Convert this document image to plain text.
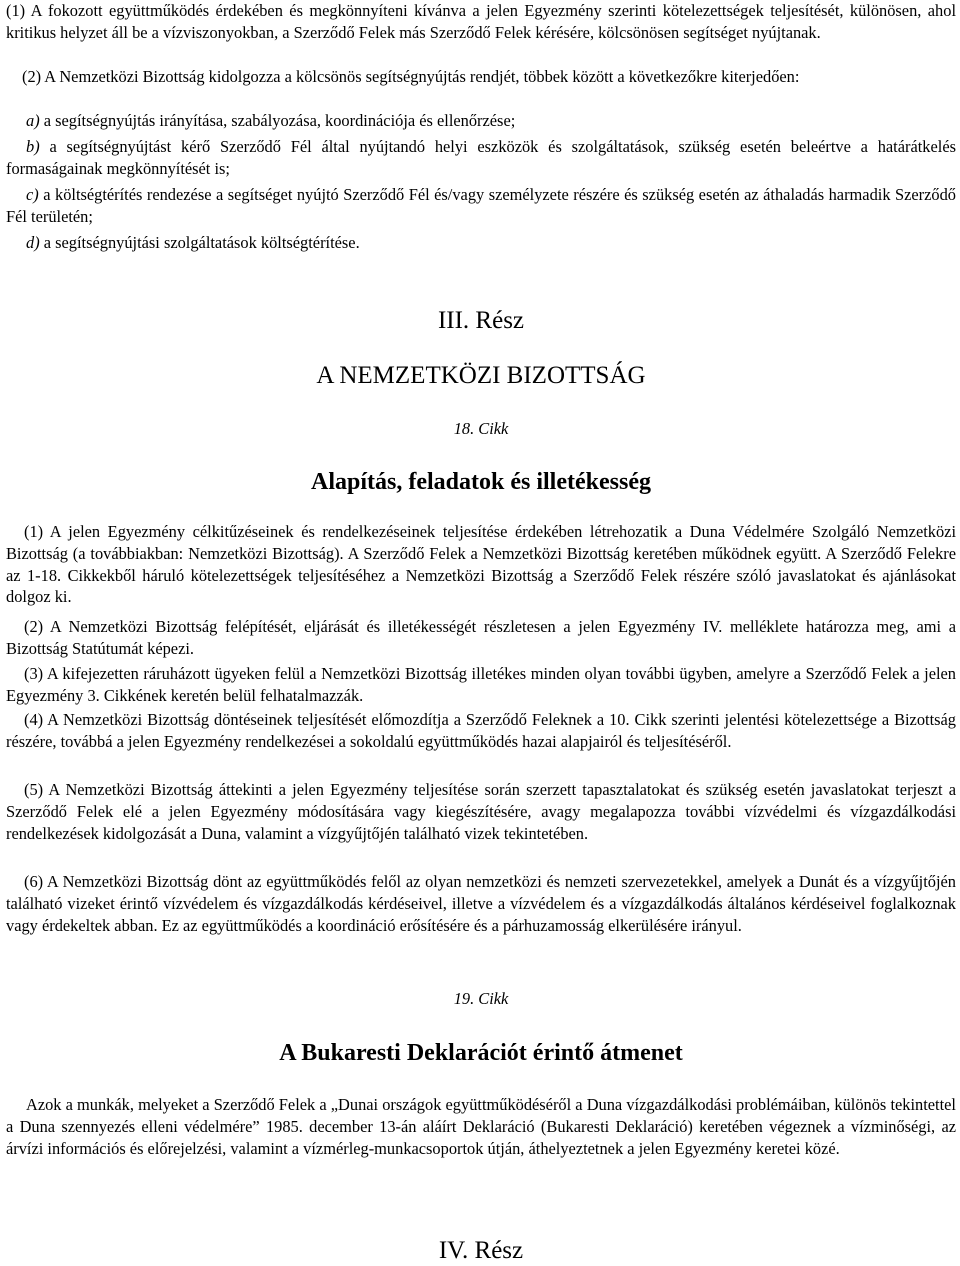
(1) A fokozott együttműködés érdekében és megkönnyíteni kívánva a jelen Egyezmény szerinti kötelezettségek teljesítését, különösen, ahol kritikus helyzet áll be a vízviszonyokban, a Szerződő Felek más Szerződő Felek kérésére, kölcsönösen segítséget nyújtanak.

(2) A Nemzetközi Bizottság kidolgozza a kölcsönös segítségnyújtás rendjét, többek között a következőkre kiterjedően:

a) a segítségnyújtás irányítása, szabályozása, koordinációja és ellenőrzése;

b) a segítségnyújtást kérő Szerződő Fél által nyújtandó helyi eszközök és szolgáltatások, szükség esetén beleértve a határátkelés formaságainak megkönnyítését is;

c) a költségtérítés rendezése a segítséget nyújtó Szerződő Fél és/vagy személyzete részére és szükség esetén az áthaladás harmadik Szerződő Fél területén;

d) a segítségnyújtási szolgáltatások költségtérítése.

III. Rész
A NEMZETKÖZI BIZOTTSÁG
18. Cikk
Alapítás, feladatok és illetékesség

(1) A jelen Egyezmény célkitűzéseinek és rendelkezéseinek teljesítése érdekében létrehozatik a Duna Védelmére Szolgáló Nemzetközi Bizottság (a továbbiakban: Nemzetközi Bizottság). A Szerződő Felek a Nemzetközi Bizottság keretében működnek együtt. A Szerződő Felekre az 1-18. Cikkekből háruló kötelezettségek teljesítéséhez a Nemzetközi Bizottság a Szerződő Felek részére szóló javaslatokat és ajánlásokat dolgoz ki.

(2) A Nemzetközi Bizottság felépítését, eljárását és illetékességét részletesen a jelen Egyezmény IV. melléklete határozza meg, ami a Bizottság Statútumát képezi.

(3) A kifejezetten ráruházott ügyeken felül a Nemzetközi Bizottság illetékes minden olyan további ügyben, amelyre a Szerződő Felek a jelen Egyezmény 3. Cikkének keretén belül felhatalmazzák.

(4) A Nemzetközi Bizottság döntéseinek teljesítését előmozdítja a Szerződő Feleknek a 10. Cikk szerinti jelentési kötelezettsége a Bizottság részére, továbbá a jelen Egyezmény rendelkezései a sokoldalú együttműködés hazai alapjairól és teljesítéséről.

(5) A Nemzetközi Bizottság áttekinti a jelen Egyezmény teljesítése során szerzett tapasztalatokat és szükség esetén javaslatokat terjeszt a Szerződő Felek elé a jelen Egyezmény módosítására vagy kiegészítésére, avagy megalapozza további vízvédelmi és vízgazdálkodási rendelkezések kidolgozását a Duna, valamint a vízgyűjtőjén található vizek tekintetében.

(6) A Nemzetközi Bizottság dönt az együttműködés felől az olyan nemzetközi és nemzeti szervezetekkel, amelyek a Dunát és a vízgyűjtőjén található vizeket érintő vízvédelem és vízgazdálkodás kérdéseivel, illetve a vízvédelem és a vízgazdálkodás általános kérdéseivel foglalkoznak vagy érdekeltek abban. Ez az együttműködés a koordináció erősítésére és a párhuzamosság elkerülésére irányul.

19. Cikk
A Bukaresti Deklarációt érintő átmenet

Azok a munkák, melyeket a Szerződő Felek a „Dunai országok együttműködéséről a Duna vízgazdálkodási problémáiban, különös tekintettel a Duna szennyezés elleni védelmére” 1985. december 13-án aláírt Deklaráció (Bukaresti Deklaráció) keretében végeznek a vízminőségi, az árvízi információs és előrejelzési, valamint a vízmérleg-munkacsoportok útján, áthelyeztetnek a jelen Egyezmény keretei közé.

IV. Rész
